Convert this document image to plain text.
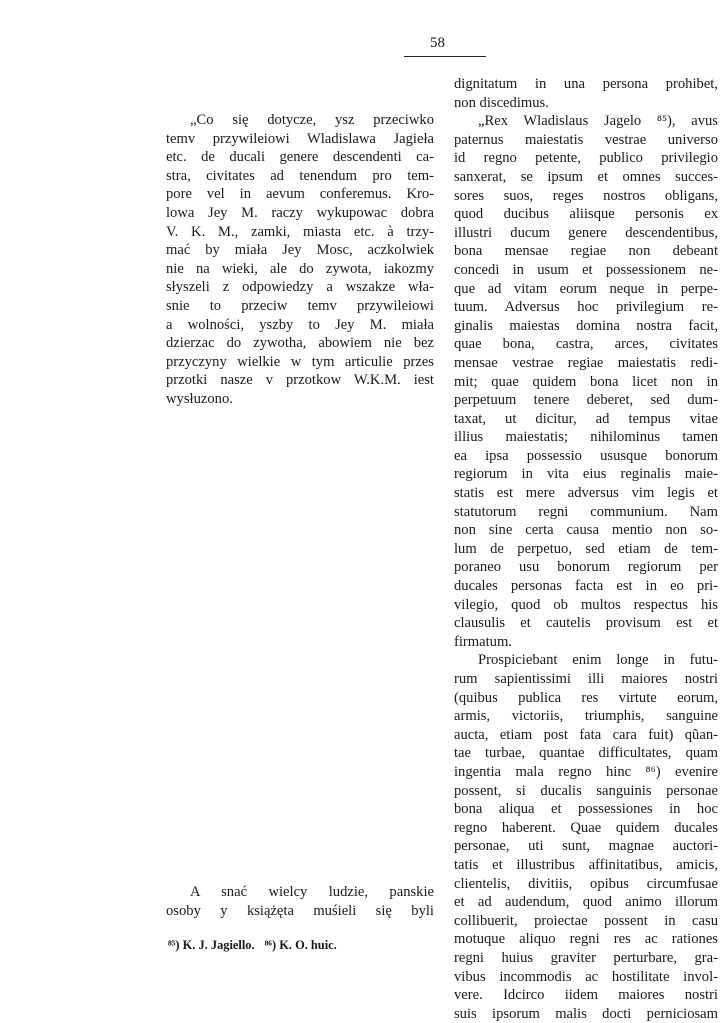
58
„Co się dotycze, ysz przeciwko
temv przywileiowi Wladislawa Jagieła
etc. de ducali genere descendenti ca-
stra, civitates ad tenendum pro tem-
pore vel in aevum conferemus. Kro-
lowa Jey M. raczy wykupowac dobra
V. K. M., zamki, miasta etc. à trzy-
mać by miała Jey Mosc, aczkolwiek
nie na wieki, ale do zywota, iakozmy
słyszeli z odpowiedzy a wszakze wła-
snie to przeciw temv przywileiowi
a wolności, yszby to Jey M. miała
dzierzac do zywotha, abowiem nie bez
przyczyny wielkie w tym articulie przes
przotki nasze v przotkow W.K.M. iest
wysłuzono.
A snać wielcy ludzie, panskie
osoby y książęta muśieli się byli
dignitatum in una persona prohibet,
non discedimus.
„Rex Wladislaus Jagelo ⁸⁵), avus
paternus maiestatis vestrae universo
id regno petente, publico privilegio
sanxerat, se ipsum et omnes succes-
sores suos, reges nostros obligans,
quod ducibus aliisque personis ex
illustri ducum genere descendentibus,
bona mensae regiae non debeant
concedi in usum et possessionem ne-
que ad vitam eorum neque in perpe-
tuum. Adversus hoc privilegium re-
ginalis maiestas domina nostra facit,
quae bona, castra, arces, civitates
mensae vestrae regiae maiestatis redi-
mit; quae quidem bona licet non in
perpetuum tenere deberet, sed dum-
taxat, ut dicitur, ad tempus vitae
illius maiestatis; nihilominus tamen
ea ipsa possessio ususque bonorum
regiorum in vita eius reginalis maie-
statis est mere adversus vim legis et
statutorum regni communium. Nam
non sine certa causa mentio non so-
lum de perpetuo, sed etiam de tem-
poraneo usu bonorum regiorum per
ducales personas facta est in eo pri-
vilegio, quod ob multos respectus his
clausulis et cautelis provisum est et
firmatum.
Prospiciebant enim longe in futu-
rum sapientissimi illi maiores nostri
(quibus publica res virtute eorum,
armis, victoriis, triumphis, sanguine
aucta, etiam post fata cara fuit) qũan-
tae turbae, quantae difficultates, quam
ingentia mala regno hinc ⁸⁶) evenire
possent, si ducalis sanguinis personae
bona aliqua et possessiones in hoc
regno haberent. Quae quidem ducales
personae, uti sunt, magnae auctori-
tatis et illustribus affinitatibus, amicis,
clientelis, divitiis, opibus circumfusae
et ad audendum, quod animo illorum
collibuerit, proiectae possent in casu
motuque aliquo regni res ac rationes
regni huius graviter perturbare, gra-
vibus incommodis ac hostilitate invol-
vere. Idcirco iidem maiores nostri
suis ipsorum malis docti perniciosam
⁸⁵) K. J. Jagiello. ⁸⁶) K. O. huic.
